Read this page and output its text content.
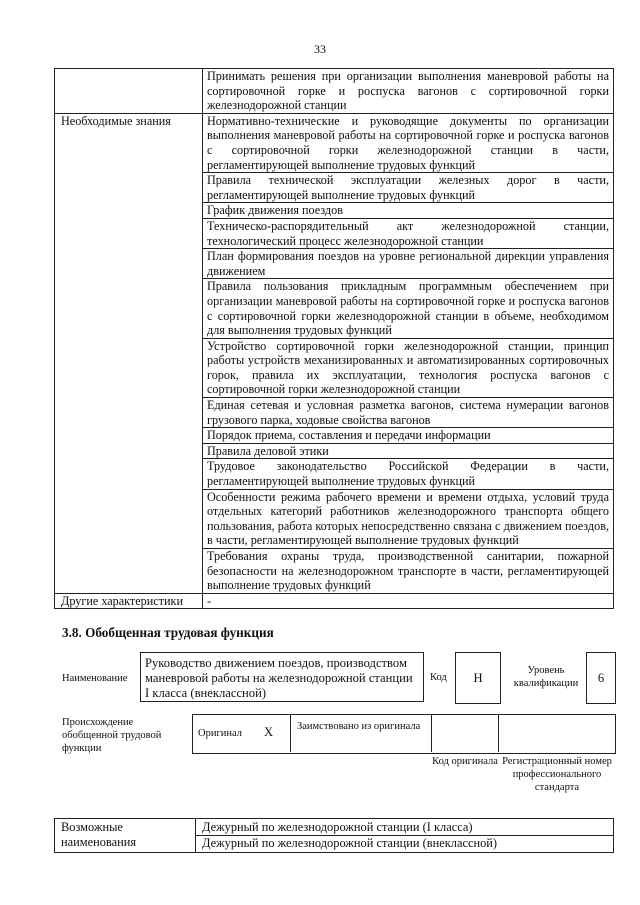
33
	Принимать решения при организации выполнения маневровой работы на сортировочной горке и роспуска вагонов с сортировочной горки железнодорожной станции
Необходимые знания	Нормативно-технические и руководящие документы по организации выполнения маневровой работы на сортировочной горке и роспуска вагонов с сортировочной горки железнодорожной станции в части, регламентирующей выполнение трудовых функций
	Правила технической эксплуатации железных дорог в части, регламентирующей выполнение трудовых функций
	График движения поездов
	Техническо-распорядительный акт железнодорожной станции, технологический процесс железнодорожной станции
	План формирования поездов на уровне региональной дирекции управления движением
	Правила пользования прикладным программным обеспечением при организации маневровой работы на сортировочной горке и роспуска вагонов с сортировочной горки железнодорожной станции в объеме, необходимом для выполнения трудовых функций
	Устройство сортировочной горки железнодорожной станции, принцип работы устройств механизированных и автоматизированных сортировочных горок, правила их эксплуатации, технология роспуска вагонов с сортировочной горки железнодорожной станции
	Единая сетевая и условная разметка вагонов, система нумерации вагонов грузового парка, ходовые свойства вагонов
	Порядок приема, составления и передачи информации
	Правила деловой этики
	Трудовое законодательство Российской Федерации в части, регламентирующей выполнение трудовых функций
	Особенности режима рабочего времени и времени отдыха, условий труда отдельных категорий работников железнодорожного транспорта общего пользования, работа которых непосредственно связана с движением поездов, в части, регламентирующей выполнение трудовых функций
	Требования охраны труда, производственной санитарии, пожарной безопасности на железнодорожном транспорте в части, регламентирующей выполнение трудовых функций
Другие характеристики	-
3.8. Обобщенная трудовая функция
Наименование
Руководство движением поездов, производством маневровой работы на железнодорожной станции I класса (внеклассной)
Код	H
Уровень квалификации	6
Происхождение обобщенной трудовой функции
Оригинал X Заимствовано из оригинала
Код оригинала Регистрационный номер профессионального стандарта
Возможные наименования	
Дежурный по железнодорожной станции (I класса)
Дежурный по железнодорожной станции (внеклассной)
